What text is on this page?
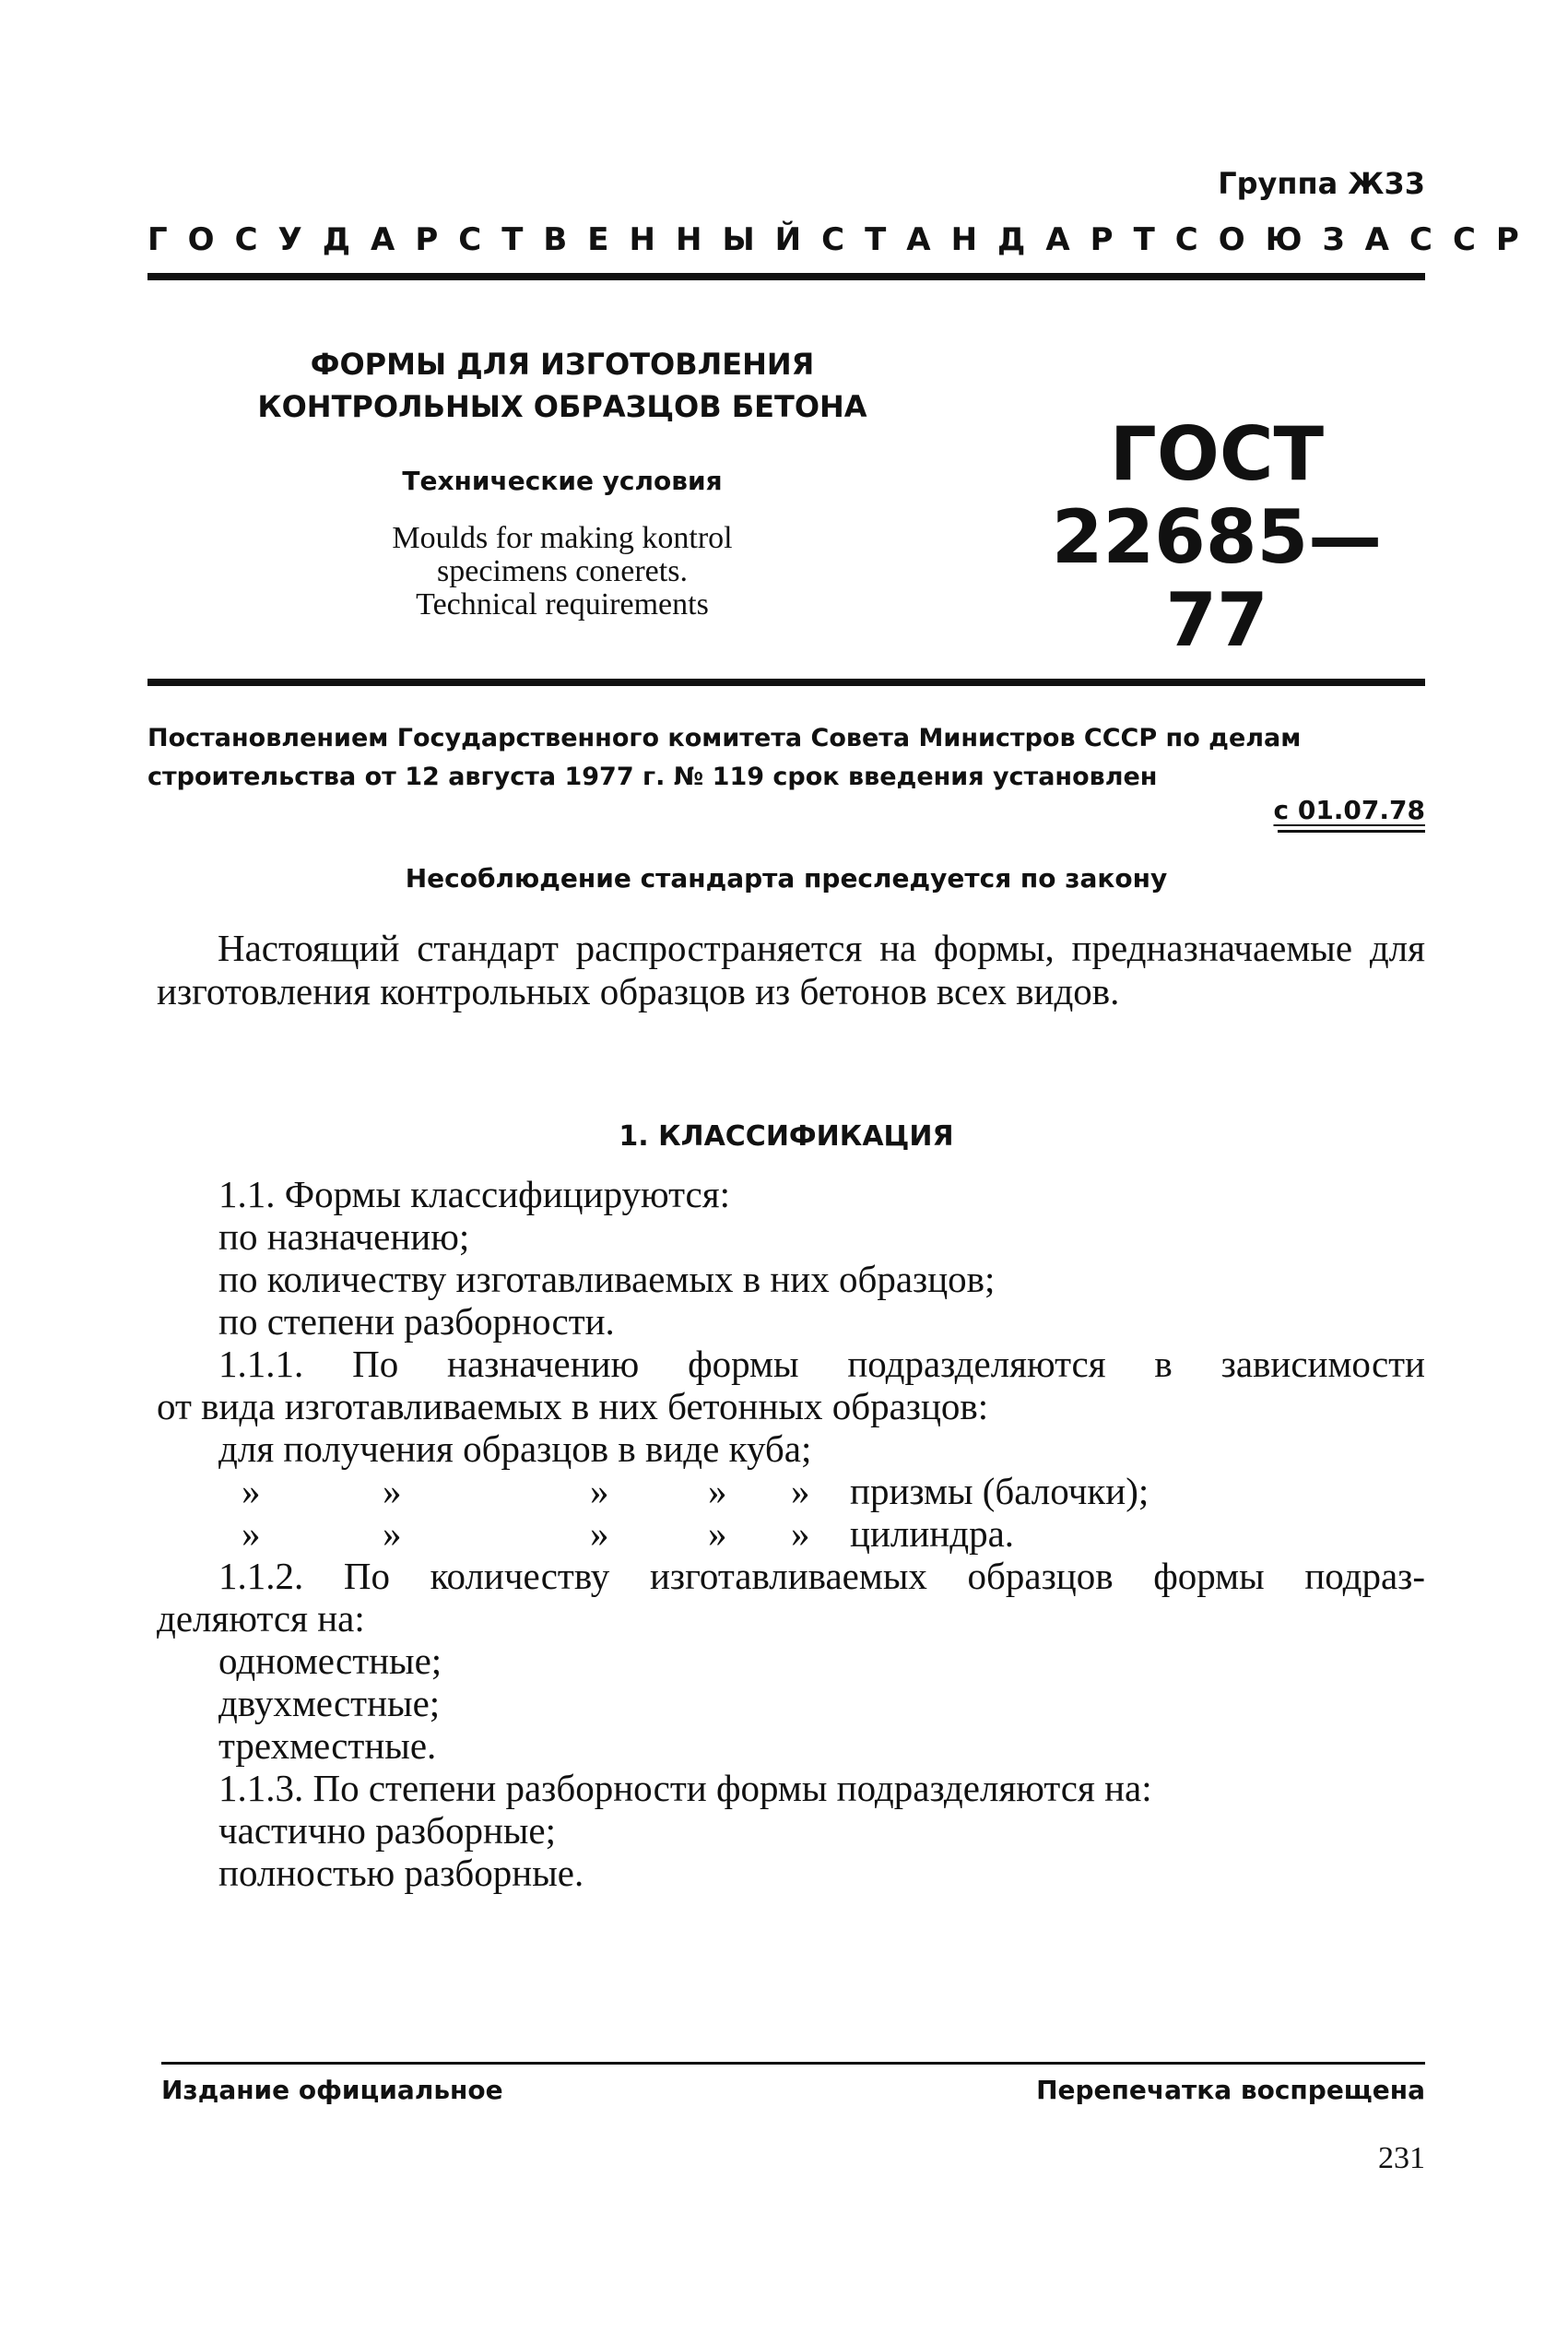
Группа Ж33
ГОСУДАРСТВЕННЫЙ СТАНДАРТ СОЮЗА ССР
ФОРМЫ ДЛЯ ИЗГОТОВЛЕНИЯ
КОНТРОЛЬНЫХ ОБРАЗЦОВ БЕТОНА
Технические условия
Moulds for making kontrol
specimens conerets.
Technical requirements
ГОСТ
22685—77
Постановлением Государственного комитета Совета Министров СССР по делам
строительства от 12 августа 1977 г. № 119 срок введения установлен
с 01.07.78
Несоблюдение стандарта преследуется по закону

Настоящий стандарт распространяется на формы, предназначаемые для изготовления контрольных образцов из бетонов всех видов.

1. КЛАССИФИКАЦИЯ
1.1. Формы классифицируются:
по назначению;
по количеству изготавливаемых в них образцов;
по степени разборности.
1.1.1. По назначению формы подразделяются в зависимости
от вида изготавливаемых в них бетонных образцов:
для получения образцов в виде куба;
»	»	»	» » призмы (балочки);
»	»	»	» » цилиндра.
1.1.2. По количеству изготавливаемых образцов формы подраз-
деляются на:
одноместные;
двухместные;
трехместные.
1.1.3. По степени разборности формы подразделяются на:
частично разборные;
полностью разборные.
Издание официальное	Перепечатка воспрещена
231
